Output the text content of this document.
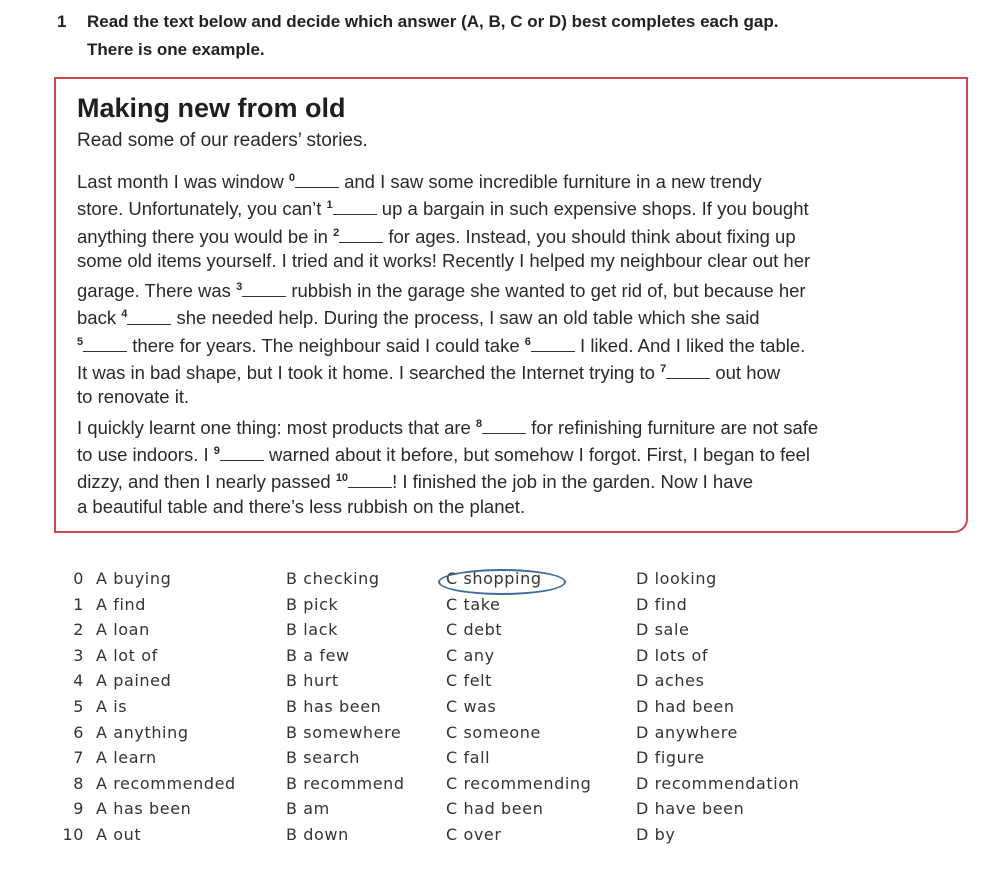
1 Read the text below and decide which answer (A, B, C or D) best completes each gap.
There is one example.
Making new from old
Read some of our readers’ stories.
Last month I was window $^0$ and I saw some incredible furniture in a new trendy
store. Unfortunately, you can’t $^1$ up a bargain in such expensive shops. If you bought
anything there you would be in $^2$ for ages. Instead, you should think about fixing up
some old items yourself. I tried and it works! Recently I helped my neighbour clear out her
garage. There was $^3$ rubbish in the garage she wanted to get rid of, but because her
back $^4$ she needed help. During the process, I saw an old table which she said
$^5$ there for years. The neighbour said I could take $^6$ I liked. And I liked the table.
It was in bad shape, but I took it home. I searched the Internet trying to $^7$ out how
to renovate it.
I quickly learnt one thing: most products that are $^8$ for refinishing furniture are not safe
to use indoors. I $^9$ warned about it before, but somehow I forgot. First, I began to feel
dizzy, and then I nearly passed $^{10}$ ! I finished the job in the garden. Now I have
a beautiful table and there’s less rubbish on the planet.
0 A buying	B checking	C shopping	D looking
1 A find	B pick	C take	D find
2 A loan	B lack	C debt	D sale
3 A lot of	B a few	C any	D lots of
4 A pained	B hurt	C felt	D aches
5 A is	B has been	C was	D had been
6 A anything	B somewhere	C someone	D anywhere
7 A learn	B search	C fall	D figure
8 A recommended	B recommend	C recommending	D recommendation
9 A has been	B am	C had been	D have been
10 A out	B down	C over	D by
